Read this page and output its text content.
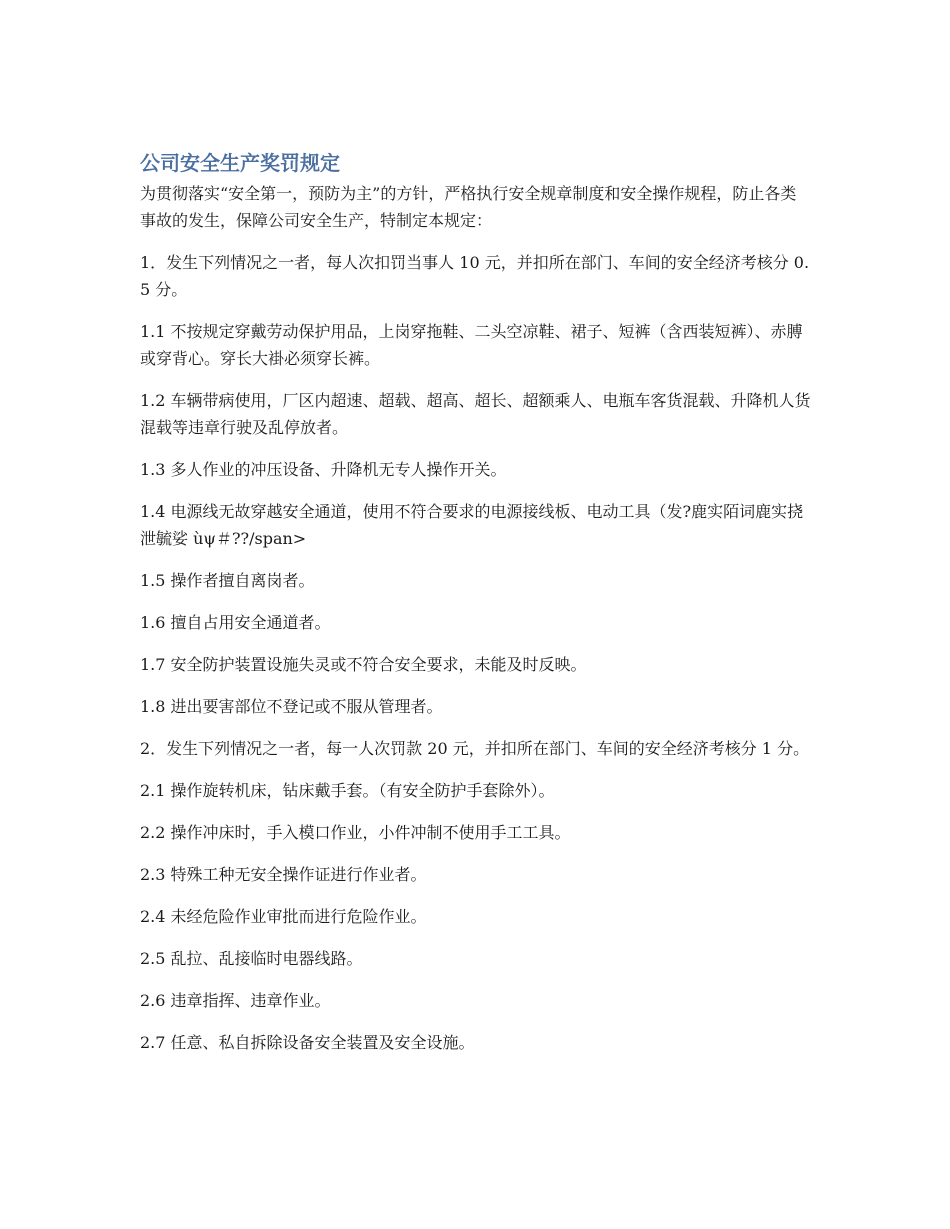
公司安全生产奖罚规定

为贯彻落实“安全第一，预防为主”的方针，严格执行安全规章制度和安全操作规程，防止各类事故的发生，保障公司安全生产，特制定本规定：

1．发生下列情况之一者，每人次扣罚当事人 10 元，并扣所在部门、车间的安全经济考核分 0.5 分。

1.1 不按规定穿戴劳动保护用品，上岗穿拖鞋、二头空凉鞋、裙子、短裤（含西装短裤）、赤膊或穿背心。穿长大褂必须穿长裤。

1.2 车辆带病使用，厂区内超速、超载、超高、超长、超额乘人、电瓶车客货混载、升降机人货混载等违章行驶及乱停放者。

1.3 多人作业的冲压设备、升降机无专人操作开关。

1.4 电源线无故穿越安全通道，使用不符合要求的电源接线板、电动工具（发?鹿实陌词鹿实挠泄毓娑 ùψ＃??/span>

1.5 操作者擅自离岗者。

1.6 擅自占用安全通道者。

1.7 安全防护装置设施失灵或不符合安全要求，未能及时反映。

1.8 进出要害部位不登记或不服从管理者。

2．发生下列情况之一者，每一人次罚款 20 元，并扣所在部门、车间的安全经济考核分 1 分。

2.1 操作旋转机床，钻床戴手套。（有安全防护手套除外）。

2.2 操作冲床时，手入模口作业，小件冲制不使用手工工具。

2.3 特殊工种无安全操作证进行作业者。

2.4 未经危险作业审批而进行危险作业。

2.5 乱拉、乱接临时电器线路。

2.6 违章指挥、违章作业。

2.7 任意、私自拆除设备安全装置及安全设施。
